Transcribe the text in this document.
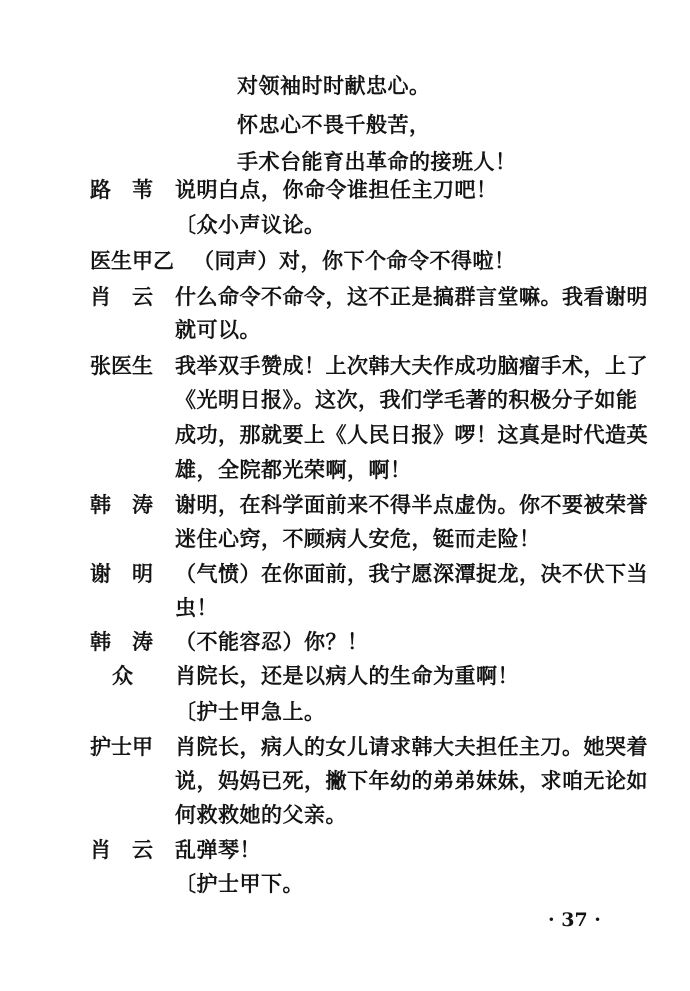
对领袖时时献忠心。
怀忠心不畏千般苦，
手术台能育出革命的接班人！
路　苇 说明白点，你命令谁担任主刀吧！
〔众小声议论。
医生甲乙 （同声）对，你下个命令不得啦！
肖　云 什么命令不命令，这不正是搞群言堂嘛。我看谢明
就可以。
张医生 我举双手赞成！上次韩大夫作成功脑瘤手术，上了
《光明日报》。这次，我们学毛著的积极分子如能
成功，那就要上《人民日报》啰！这真是时代造英
雄，全院都光荣啊，啊！
韩　涛 谢明，在科学面前来不得半点虚伪。你不要被荣誉
迷住心窍，不顾病人安危，铤而走险！
谢　明 （气愤）在你面前，我宁愿深潭捉龙，决不伏下当
虫！
韩　涛 （不能容忍）你？！
众 肖院长，还是以病人的生命为重啊！
〔护士甲急上。
护士甲 肖院长，病人的女儿请求韩大夫担任主刀。她哭着
说，妈妈已死，撇下年幼的弟弟妹妹，求咱无论如
何救救她的父亲。
肖　云 乱弹琴！
〔护士甲下。
· 37 ·
